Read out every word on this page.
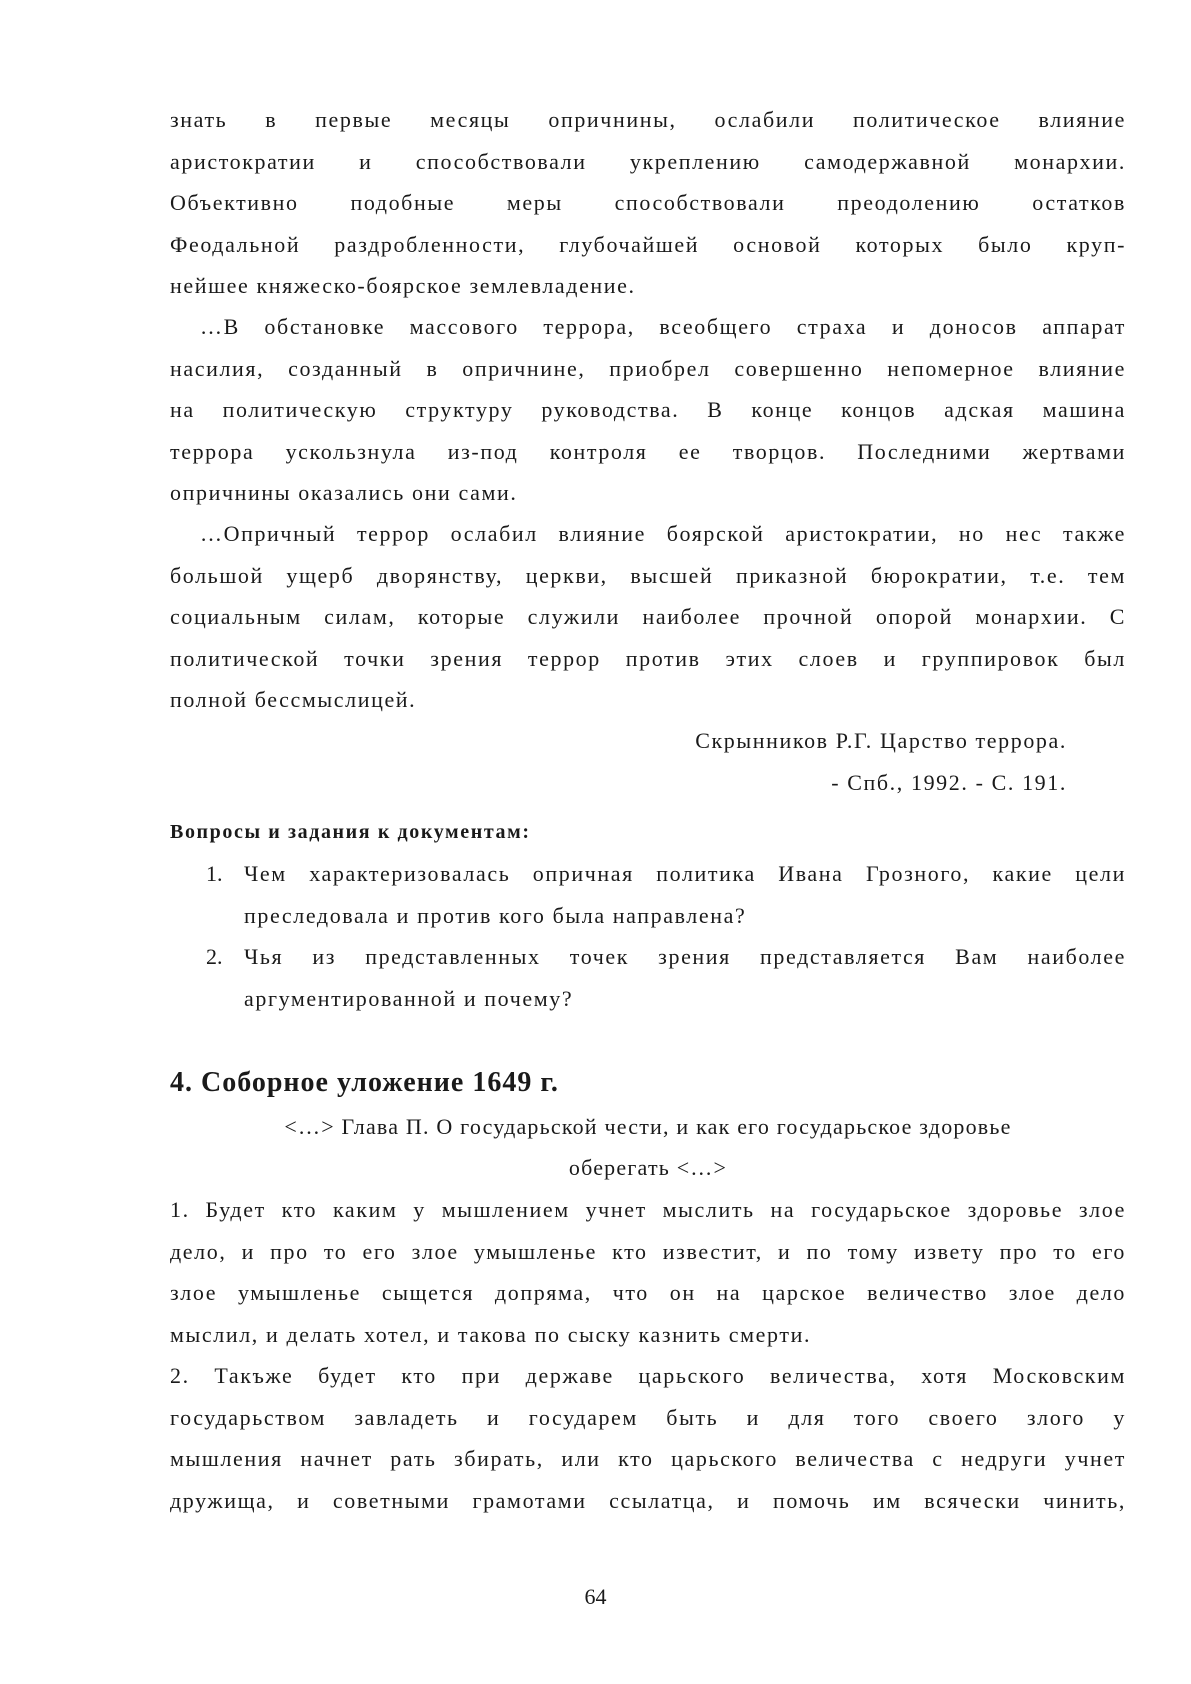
знать в первые месяцы опричнины, ослабили политическое влияние
аристократии и способствовали укреплению самодержавной монархии.
Объективно подобные меры способствовали преодолению остатков
Феодальной раздробленности, глубочайшей основой которых было круп-
нейшее княжеско-боярское землевладение.
…В обстановке массового террора, всеобщего страха и доносов аппарат
насилия, созданный в опричнине, приобрел совершенно непомерное влияние
на политическую структуру руководства. В конце концов адская машина
террора ускользнула из-под контроля ее творцов. Последними жертвами
опричнины оказались они сами.
…Опричный террор ослабил влияние боярской аристократии, но нес также
большой ущерб дворянству, церкви, высшей приказной бюрократии, т.е. тем
социальным силам, которые служили наиболее прочной опорой монархии. С
политической точки зрения террор против этих слоев и группировок был
полной бессмыслицей.
Скрынников Р.Г. Царство террора.
- Спб., 1992. - С. 191.
Вопросы и задания к документам:
1. Чем характеризовалась опричная политика Ивана Грозного, какие цели
преследовала и против кого была направлена?
2. Чья из представленных точек зрения представляется Вам наиболее
аргументированной и почему?
4. Соборное уложение 1649 г.
<…> Глава П. О государьской чести, и как его государьское здоровье
оберегать <…>
1. Будет кто каким у мышлением учнет мыслить на государьское здоровье злое
дело, и про то его злое умышленье кто известит, и по тому извету про то его
злое умышленье сыщется допряма, что он на царское величество злое дело
мыслил, и делать хотел, и такова по сыску казнить смерти.
2. Такъже будет кто при державе царьского величества, хотя Московским
государьством завладеть и государем быть и для того своего злого у
мышления начнет рать збирать, или кто царьского величества с недруги учнет
дружища, и советными грамотами ссылатца, и помочь им всячески чинить,
64
